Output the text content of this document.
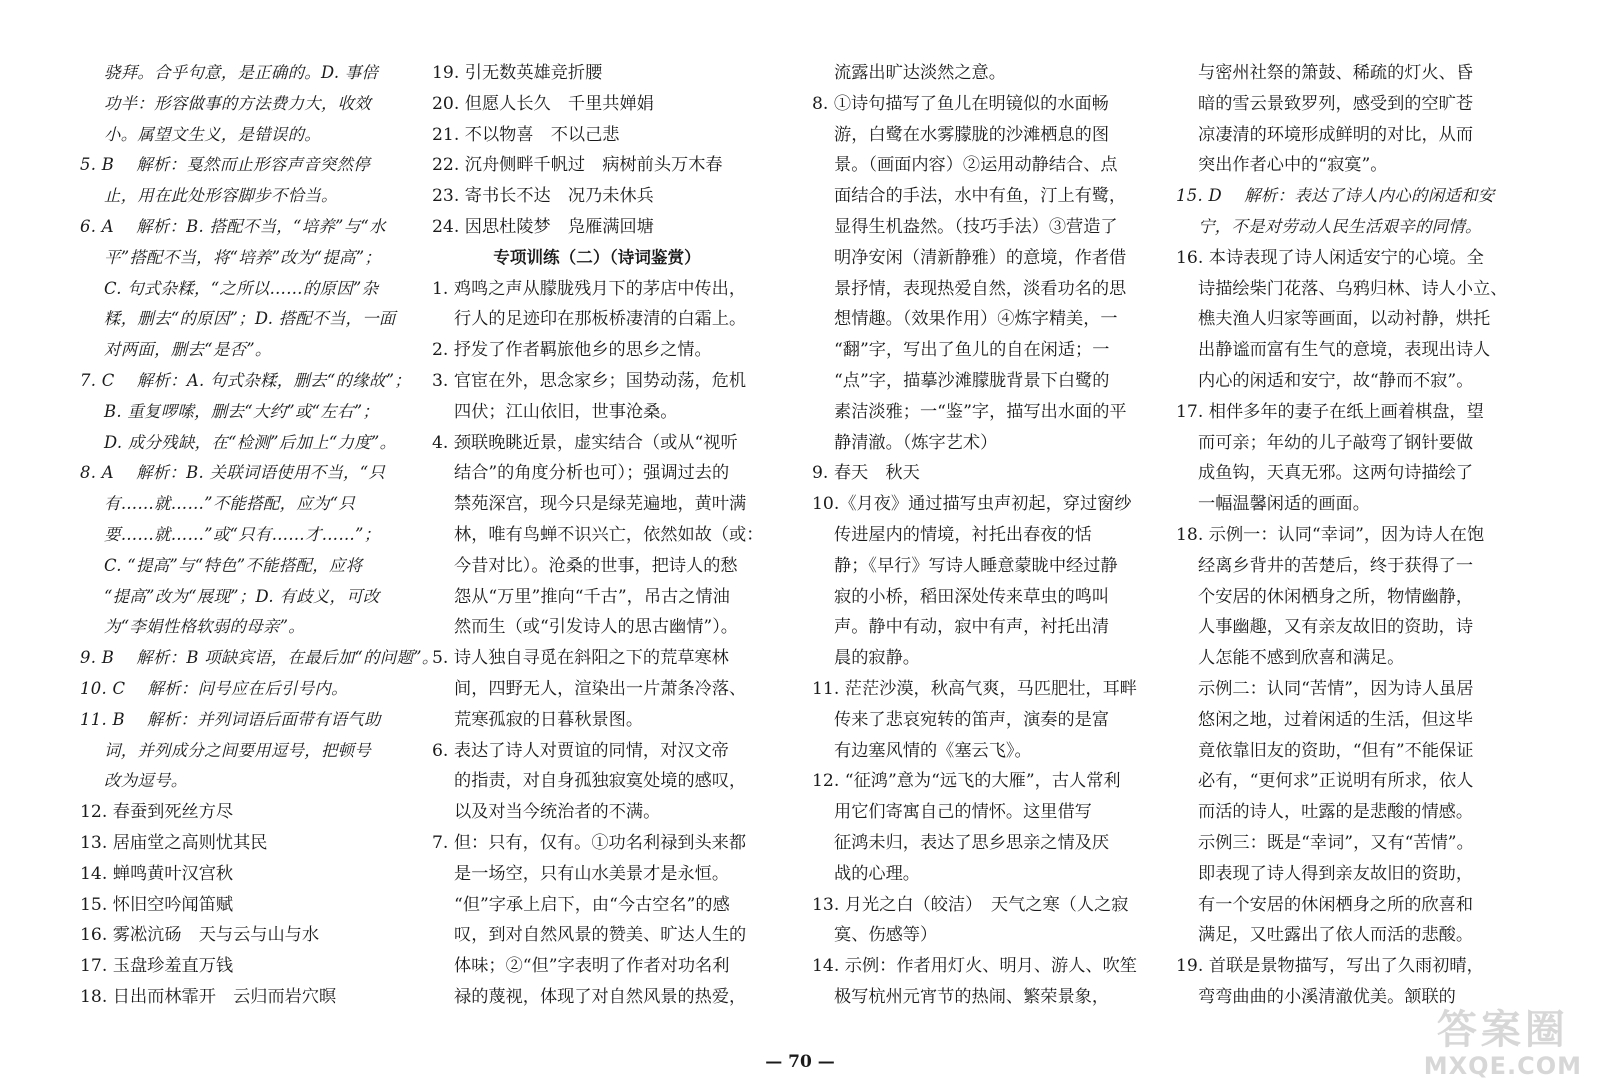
骁拜。合乎句意，是正确的。D. 事倍

功半：形容做事的方法费力大，收效

小。属望文生义，是错误的。

5. B　 解析：戛然而止形容声音突然停

止，用在此处形容脚步不恰当。

6. A　 解析：B. 搭配不当，“培养”与“水

平”搭配不当，将“培养”改为“提高”；

C. 句式杂糅，“之所以……的原因”杂

糅，删去“的原因”；D. 搭配不当，一面

对两面，删去“是否”。

7. C　 解析：A. 句式杂糅，删去“的缘故”；

B. 重复啰嗦，删去“大约”或“左右”；

D. 成分残缺，在“检测”后加上“力度”。

8. A　 解析：B. 关联词语使用不当，“只

有……就……”不能搭配，应为“只

要……就……”或“只有……才……”；

C. “提高”与“特色”不能搭配，应将

“提高”改为“展现”；D. 有歧义，可改

为“李娟性格软弱的母亲”。

9. B　 解析：B 项缺宾语，在最后加“的问题”。

10. C　 解析：问号应在后引号内。

11. B　 解析：并列词语后面带有语气助

词，并列成分之间要用逗号，把顿号

改为逗号。

12. 春蚕到死丝方尽

13. 居庙堂之高则忧其民

14. 蝉鸣黄叶汉宫秋

15. 怀旧空吟闻笛赋

16. 雾凇沆砀　天与云与山与水

17. 玉盘珍羞直万钱

18. 日出而林霏开　云归而岩穴暝

19. 引无数英雄竞折腰

20. 但愿人长久　千里共婵娟

21. 不以物喜　不以己悲

22. 沉舟侧畔千帆过　病树前头万木春

23. 寄书长不达　况乃未休兵

24. 因思杜陵梦　凫雁满回塘

专项训练（二）（诗词鉴赏）

1. 鸡鸣之声从朦胧残月下的茅店中传出，

行人的足迹印在那板桥凄清的白霜上。

2. 抒发了作者羁旅他乡的思乡之情。

3. 官宦在外，思念家乡；国势动荡，危机

四伏；江山依旧，世事沧桑。

4. 颈联晚眺近景，虚实结合（或从“视听

结合”的角度分析也可）；强调过去的

禁苑深宫，现今只是绿芜遍地，黄叶满

林，唯有鸟蝉不识兴亡，依然如故（或：

今昔对比）。沧桑的世事，把诗人的愁

怨从“万里”推向“千古”，吊古之情油

然而生（或“引发诗人的思古幽情”）。

5. 诗人独自寻觅在斜阳之下的荒草寒林

间，四野无人，渲染出一片萧条冷落、

荒寒孤寂的日暮秋景图。

6. 表达了诗人对贾谊的同情，对汉文帝

的指责，对自身孤独寂寞处境的感叹，

以及对当今统治者的不满。

7. 但：只有，仅有。①功名利禄到头来都

是一场空，只有山水美景才是永恒。

“但”字承上启下，由“今古空名”的感

叹，到对自然风景的赞美、旷达人生的

体味；②“但”字表明了作者对功名利

禄的蔑视，体现了对自然风景的热爱，

流露出旷达淡然之意。

8. ①诗句描写了鱼儿在明镜似的水面畅

游，白鹭在水雾朦胧的沙滩栖息的图

景。（画面内容）②运用动静结合、点

面结合的手法，水中有鱼，汀上有鹭，

显得生机盎然。（技巧手法）③营造了

明净安闲（清新静雅）的意境，作者借

景抒情，表现热爱自然，淡看功名的思

想情趣。（效果作用）④炼字精美，一

“翻”字，写出了鱼儿的自在闲适；一

“点”字，描摹沙滩朦胧背景下白鹭的

素洁淡雅；一“鉴”字，描写出水面的平

静清澈。（炼字艺术）

9. 春天　秋天

10.《月夜》通过描写虫声初起，穿过窗纱

传进屋内的情境，衬托出春夜的恬

静；《早行》写诗人睡意蒙眬中经过静

寂的小桥，稻田深处传来草虫的鸣叫

声。静中有动，寂中有声，衬托出清

晨的寂静。

11. 茫茫沙漠，秋高气爽，马匹肥壮，耳畔

传来了悲哀宛转的笛声，演奏的是富

有边塞风情的《塞云飞》。

12. “征鸿”意为“远飞的大雁”，古人常利

用它们寄寓自己的情怀。这里借写

征鸿未归，表达了思乡思亲之情及厌

战的心理。

13. 月光之白（皎洁）　天气之寒（人之寂

寞、伤感等）

14. 示例：作者用灯火、明月、游人、吹笙

极写杭州元宵节的热闹、繁荣景象，

与密州社祭的箫鼓、稀疏的灯火、昏

暗的雪云景致罗列，感受到的空旷苍

凉凄清的环境形成鲜明的对比，从而

突出作者心中的“寂寞”。

15. D　 解析：表达了诗人内心的闲适和安

宁，不是对劳动人民生活艰辛的同情。

16. 本诗表现了诗人闲适安宁的心境。全

诗描绘柴门花落、乌鸦归林、诗人小立、

樵夫渔人归家等画面，以动衬静，烘托

出静谧而富有生气的意境，表现出诗人

内心的闲适和安宁，故“静而不寂”。

17. 相伴多年的妻子在纸上画着棋盘，望

而可亲；年幼的儿子敲弯了钢针要做

成鱼钩，天真无邪。这两句诗描绘了

一幅温馨闲适的画面。

18. 示例一：认同“幸词”，因为诗人在饱

经离乡背井的苦楚后，终于获得了一

个安居的休闲栖身之所，物情幽静，

人事幽趣，又有亲友故旧的资助，诗

人怎能不感到欣喜和满足。

示例二：认同“苦情”，因为诗人虽居

悠闲之地，过着闲适的生活，但这毕

竟依靠旧友的资助，“但有”不能保证

必有，“更何求”正说明有所求，依人

而活的诗人，吐露的是悲酸的情感。

示例三：既是“幸词”，又有“苦情”。

即表现了诗人得到亲友故旧的资助，

有一个安居的休闲栖身之所的欣喜和

满足，又吐露出了依人而活的悲酸。

19. 首联是景物描写，写出了久雨初晴，

弯弯曲曲的小溪清澈优美。颔联的

— 70 —
答案圈
MXQE.COM
